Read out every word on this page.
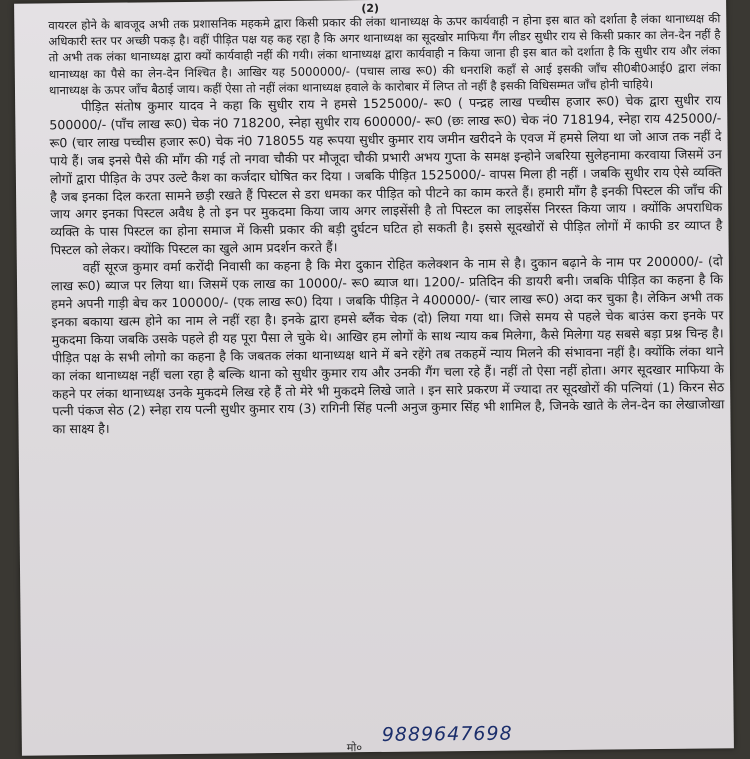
(2)

वायरल होने के बावजूद अभी तक प्रशासनिक महकमे द्वारा किसी प्रकार की लंका थानाध्यक्ष के ऊपर कार्यवाही न होना इस बात को दर्शाता है लंका थानाध्यक्ष की अधिकारी स्तर पर अच्छी पकड़ है। वहीं पीड़ित पक्ष यह कह रहा है कि अगर थानाध्यक्ष का सूदखोर माफिया गैंग लीडर सुधीर राय से किसी प्रकार का लेन-देन नहीं है तो अभी तक लंका थानाध्यक्ष द्वारा क्यों कार्यवाही नहीं की गयी। लंका थानाध्यक्ष द्वारा कार्यवाही न किया जाना ही इस बात को दर्शाता है कि सुधीर राय और लंका थानाध्यक्ष का पैसे का लेन-देन निश्चित है। आखिर यह 5000000/- (पचास लाख रू0) की धनराशि कहाँ से आई इसकी जाँच सी0बी0आई0 द्वारा लंका थानाध्यक्ष के ऊपर जाँच बैठाई जाय। कहीं ऐसा तो नहीं लंका थानाध्यक्ष हवाले के कारोबार में लिप्त तो नहीं है इसकी विधिसम्मत जाँच होनी चाहिये।

पीड़ित संतोष कुमार यादव ने कहा कि सुधीर राय ने हमसे 1525000/- रू0 ( पन्द्रह लाख पच्चीस हजार रू0) चेक द्वारा सुधीर राय 500000/- (पाँच लाख रू0) चेक नं0 718200, स्नेहा सुधीर राय 600000/- रू0 (छः लाख रू0) चेक नं0 718194, स्नेहा राय 425000/- रू0 (चार लाख पच्चीस हजार रू0) चेक नं0 718055 यह रूपया सुधीर कुमार राय जमीन खरीदने के एवज में हमसे लिया था जो आज तक नहीं दे पाये हैं। जब इनसे पैसे की माँग की गई तो नगवा चौकी पर मौजूदा चौकी प्रभारी अभय गुप्ता के समक्ष इन्होने जबरिया सुलेहनामा करवाया जिसमें उन लोगों द्वारा पीड़ित के उपर उल्टे कैश का कर्जदार घोषित कर दिया । जबकि पीड़ित 1525000/- वापस मिला ही नहीं । जबकि सुधीर राय ऐसे व्यक्ति है जब इनका दिल करता सामने छड़ी रखते हैं पिस्टल से डरा धमका कर पीड़ित को पीटने का काम करते हैं। हमारी माँग है इनकी पिस्टल की जाँच की जाय अगर इनका पिस्टल अवैध है तो इन पर मुकदमा किया जाय अगर लाइसेंसी है तो पिस्टल का लाइसेंस निरस्त किया जाय । क्योंकि अपराधिक व्यक्ति के पास पिस्टल का होना समाज में किसी प्रकार की बड़ी दुर्घटन घटित हो सकती है। इससे सूदखोरों से पीड़ित लोगों में काफी डर व्याप्त है पिस्टल को लेकर। क्योंकि पिस्टल का खुले आम प्रदर्शन करते हैं।

वहीं सूरज कुमार वर्मा करोंदी निवासी का कहना है कि मेरा दुकान रोहित कलेक्शन के नाम से है। दुकान बढ़ाने के नाम पर 200000/- (दो लाख रू0) ब्याज पर लिया था। जिसमें एक लाख का 10000/- रू0 ब्याज था। 1200/- प्रतिदिन की डायरी बनी। जबकि पीड़ित का कहना है कि हमने अपनी गाड़ी बेच कर 100000/- (एक लाख रू0) दिया । जबकि पीड़ित ने 400000/- (चार लाख रू0) अदा कर चुका है। लेकिन अभी तक इनका बकाया खत्म होने का नाम ले नहीं रहा है। इनके द्वारा हमसे ब्लैंक चेक (दो) लिया गया था। जिसे समय से पहले चेक बाउंस करा इनके पर मुकदमा किया जबकि उसके पहले ही यह पूरा पैसा ले चुके थे। आखिर हम लोगों के साथ न्याय कब मिलेगा, कैसे मिलेगा यह सबसे बड़ा प्रश्न चिन्ह है। पीड़ित पक्ष के सभी लोगो का कहना है कि जबतक लंका थानाध्यक्ष थाने में बने रहेंगे तब तकहमें न्याय मिलने की संभावना नहीं है। क्योंकि लंका थाने का लंका थानाध्यक्ष नहीं चला रहा है बल्कि थाना को सुधीर कुमार राय और उनकी गैंग चला रहे हैं। नहीं तो ऐसा नहीं होता। अगर सूदखार माफिया के कहने पर लंका थानाध्यक्ष उनके मुकदमे लिख रहे हैं तो मेरे भी मुकदमे लिखे जाते । इन सारे प्रकरण में ज्यादा तर सूदखोरों की पत्नियां (1) किरन सेठ पत्नी पंकज सेठ (2) स्नेहा राय पत्नी सुधीर कुमार राय (3) रागिनी सिंह पत्नी अनुज कुमार सिंह भी शामिल है, जिनके खाते के लेन-देन का लेखाजोखा का साक्ष्य है।

मो०
9889647698
